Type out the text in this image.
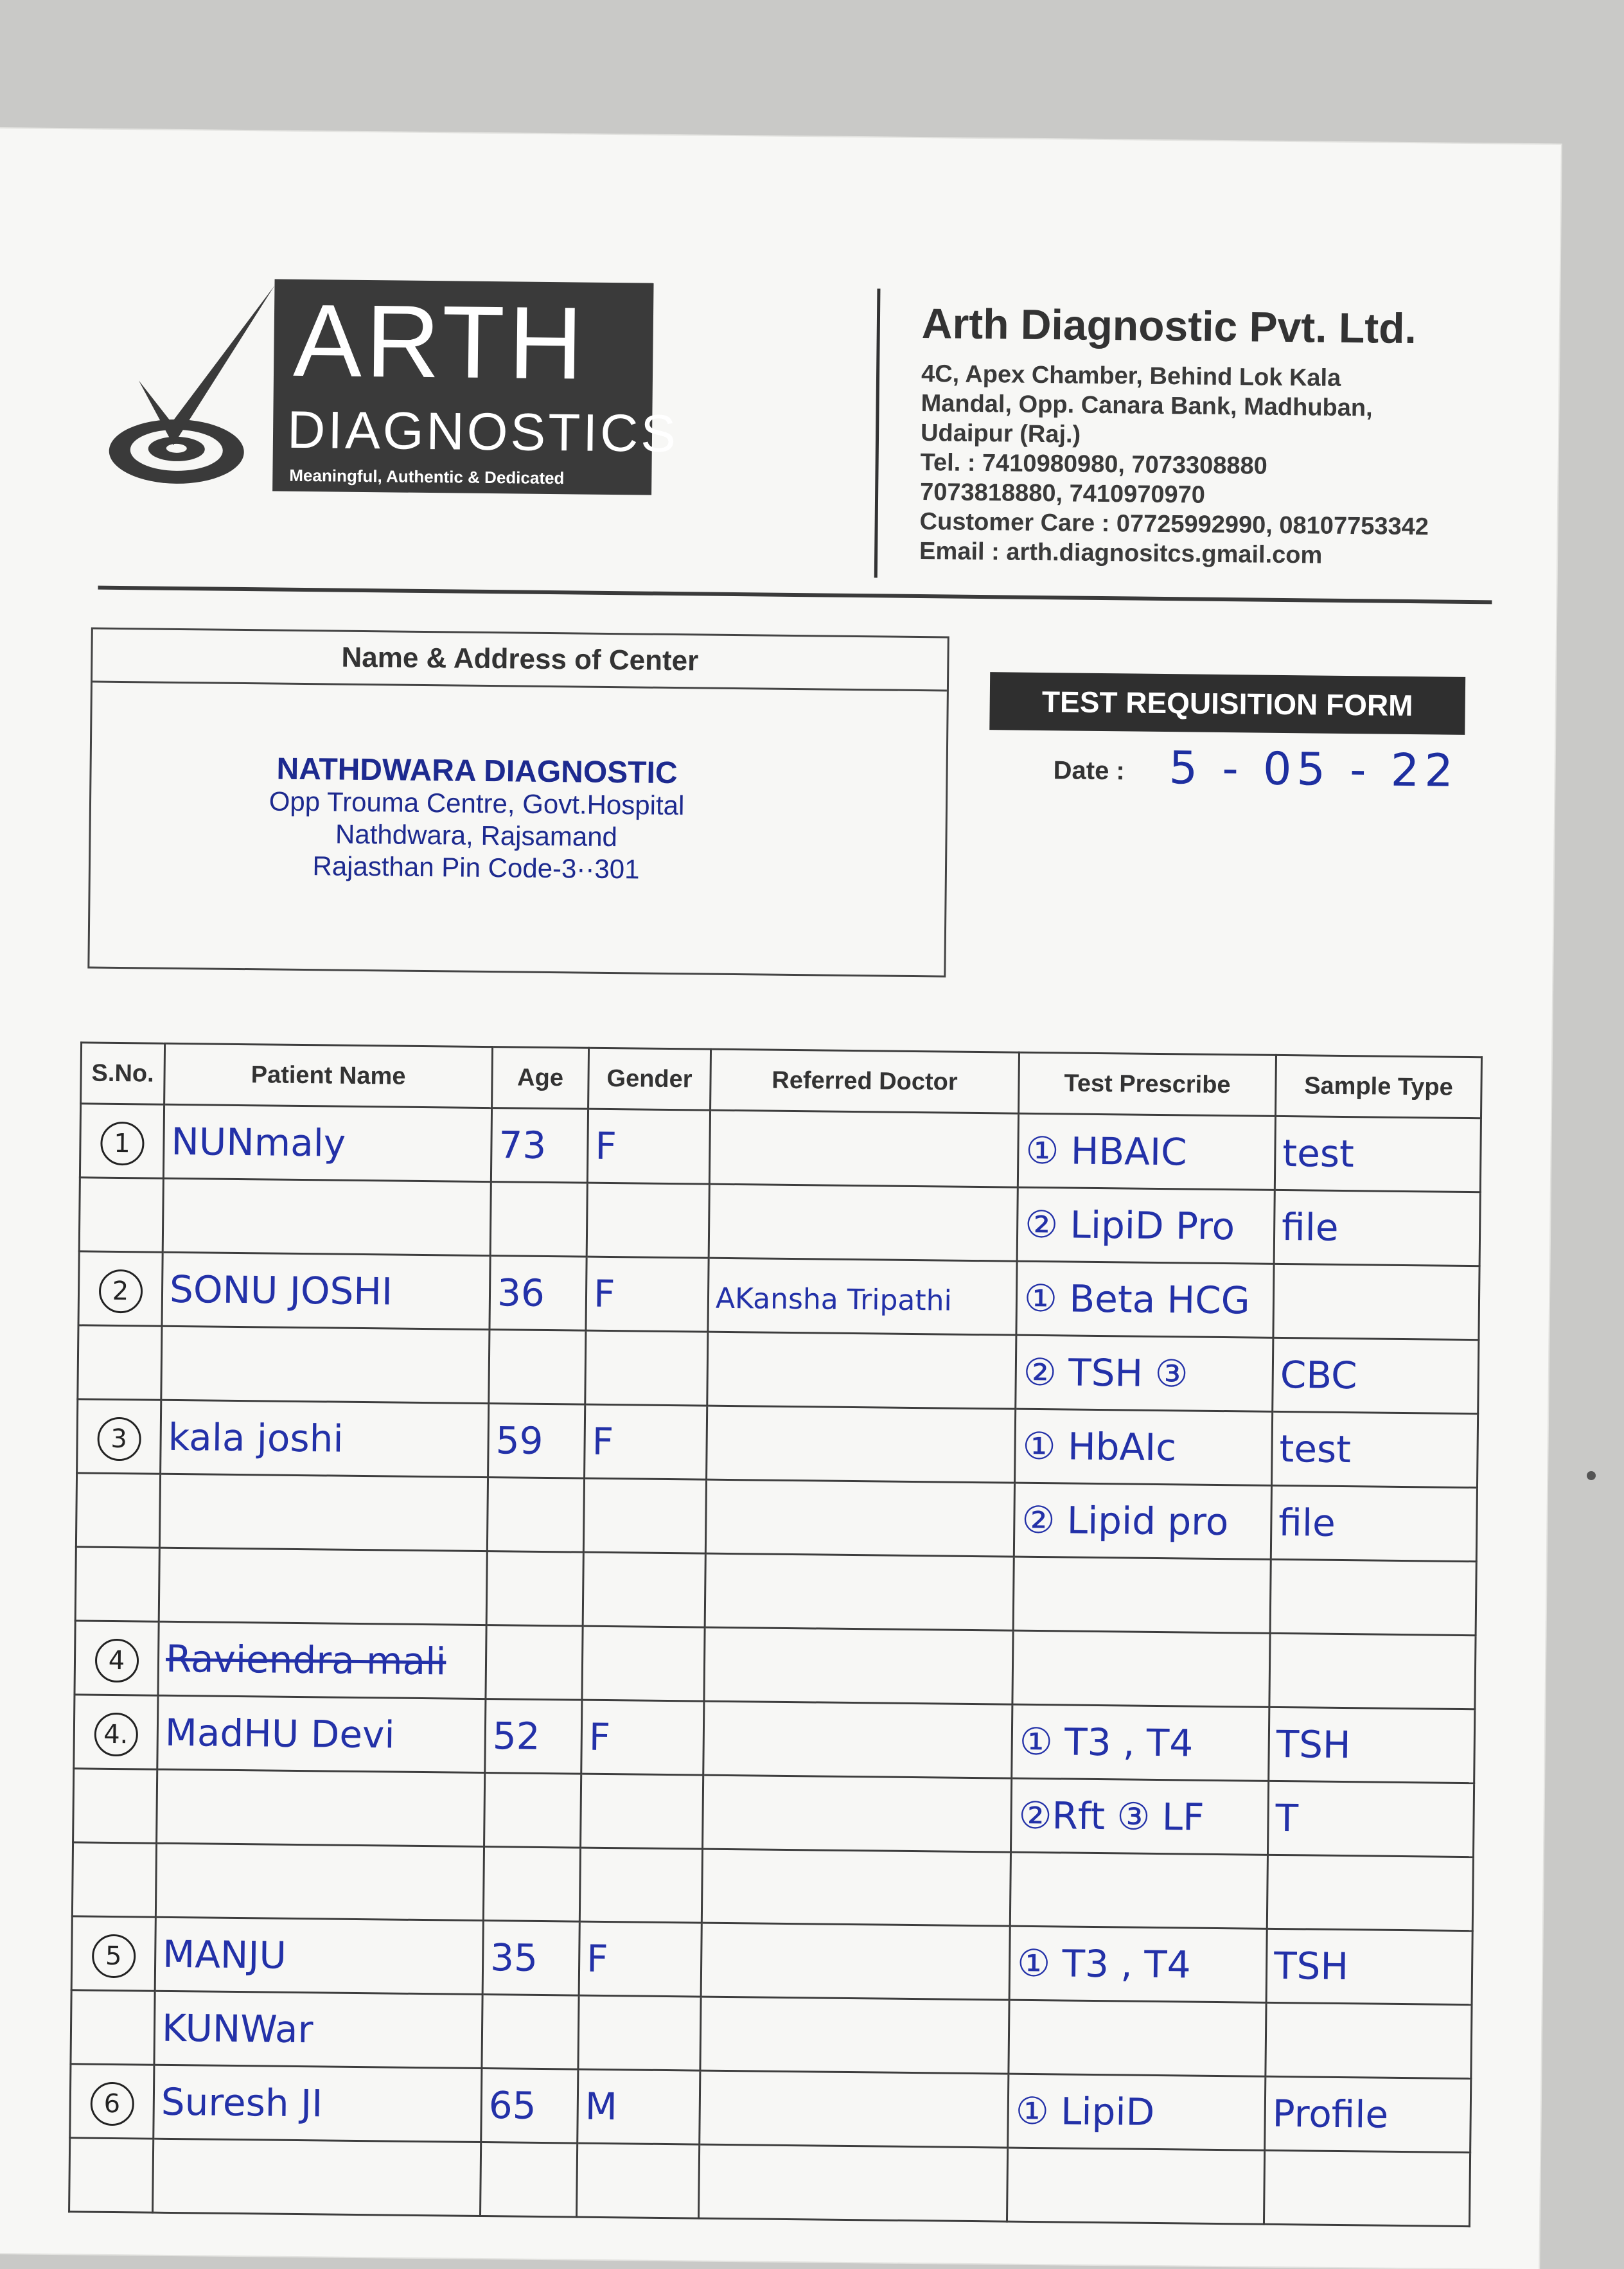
ARTH
DIAGNOSTICS
Meaningful, Authentic & Dedicated
Arth Diagnostic Pvt. Ltd.
4C, Apex Chamber, Behind Lok Kala
Mandal, Opp. Canara Bank, Madhuban,
Udaipur (Raj.)
Tel. : 7410980980, 7073308880
7073818880, 7410970970
Customer Care : 07725992990, 08107753342
Email : arth.diagnositcs.gmail.com
Name & Address of Center
NATHDWARA DIAGNOSTIC
Opp Trouma Centre, Govt.Hospital
Nathdwara, Rajsamand
Rajasthan Pin Code-3··301
TEST REQUISITION FORM
Date : 5 - 05 - 22
S.No.	Patient Name	Age	Gender	Referred Doctor	Test Prescribe	Sample Type
1	NUNmaly	73	F		① HBAIC	test
					② LipiD Pro	file
2	SONU JOSHI	36	F	AKansha Tripathi	① Beta HCG	
					② TSH ③	CBC
3	kala joshi	59	F		① HbAIc	test
					② Lipid pro	file

4	Raviendra mali					
4.	MadHU Devi	52	F		① T3 , T4	TSH
					②Rft ③ LF	T

5	MANJU	35	F		① T3 , T4	TSH
	KUNWar					
6	Suresh JI	65	M		① LipiD	Profile
